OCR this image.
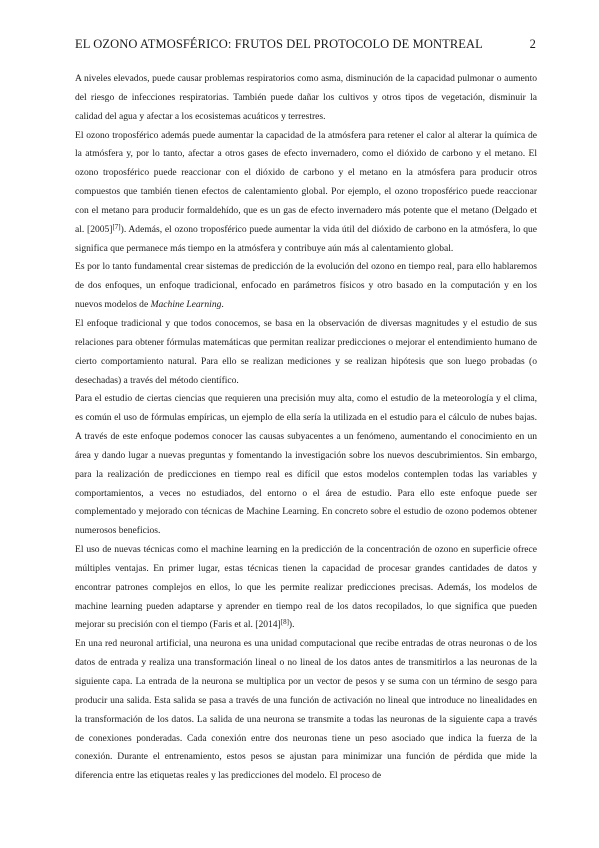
EL OZONO ATMOSFÉRICO: FRUTOS DEL PROTOCOLO DE MONTREAL	2

A niveles elevados, puede causar problemas respiratorios como asma, disminución de la capacidad pulmonar o aumento del riesgo de infecciones respiratorias. También puede dañar los cultivos y otros tipos de vegetación, disminuir la calidad del agua y afectar a los ecosistemas acuáticos y terrestres.

El ozono troposférico además puede aumentar la capacidad de la atmósfera para retener el calor al alterar la química de la atmósfera y, por lo tanto, afectar a otros gases de efecto invernadero, como el dióxido de carbono y el metano. El ozono troposférico puede reaccionar con el dióxido de carbono y el metano en la atmósfera para producir otros compuestos que también tienen efectos de calentamiento global. Por ejemplo, el ozono troposférico puede reaccionar con el metano para producir formaldehído, que es un gas de efecto invernadero más potente que el metano (Delgado et al. [2005][7]). Además, el ozono troposférico puede aumentar la vida útil del dióxido de carbono en la atmósfera, lo que significa que permanece más tiempo en la atmósfera y contribuye aún más al calentamiento global.

Es por lo tanto fundamental crear sistemas de predicción de la evolución del ozono en tiempo real, para ello hablaremos de dos enfoques, un enfoque tradicional, enfocado en parámetros físicos y otro basado en la computación y en los nuevos modelos de Machine Learning.

El enfoque tradicional y que todos conocemos, se basa en la observación de diversas magnitudes y el estudio de sus relaciones para obtener fórmulas matemáticas que permitan realizar predicciones o mejorar el entendimiento humano de cierto comportamiento natural. Para ello se realizan mediciones y se realizan hipótesis que son luego probadas (o desechadas) a través del método científico.

Para el estudio de ciertas ciencias que requieren una precisión muy alta, como el estudio de la meteorología y el clima, es común el uso de fórmulas empíricas, un ejemplo de ella sería la utilizada en el estudio para el cálculo de nubes bajas. A través de este enfoque podemos conocer las causas subyacentes a un fenómeno, aumentando el conocimiento en un área y dando lugar a nuevas preguntas y fomentando la investigación sobre los nuevos descubrimientos. Sin embargo, para la realización de predicciones en tiempo real es difícil que estos modelos contemplen todas las variables y comportamientos, a veces no estudiados, del entorno o el área de estudio. Para ello este enfoque puede ser complementado y mejorado con técnicas de Machine Learning. En concreto sobre el estudio de ozono podemos obtener numerosos beneficios.

El uso de nuevas técnicas como el machine learning en la predicción de la concentración de ozono en superficie ofrece múltiples ventajas. En primer lugar, estas técnicas tienen la capacidad de procesar grandes cantidades de datos y encontrar patrones complejos en ellos, lo que les permite realizar predicciones precisas. Además, los modelos de machine learning pueden adaptarse y aprender en tiempo real de los datos recopilados, lo que significa que pueden mejorar su precisión con el tiempo (Faris et al. [2014][8]).

En una red neuronal artificial, una neurona es una unidad computacional que recibe entradas de otras neuronas o de los datos de entrada y realiza una transformación lineal o no lineal de los datos antes de transmitirlos a las neuronas de la siguiente capa. La entrada de la neurona se multiplica por un vector de pesos y se suma con un término de sesgo para producir una salida. Esta salida se pasa a través de una función de activación no lineal que introduce no linealidades en la transformación de los datos. La salida de una neurona se transmite a todas las neuronas de la siguiente capa a través de conexiones ponderadas. Cada conexión entre dos neuronas tiene un peso asociado que indica la fuerza de la conexión. Durante el entrenamiento, estos pesos se ajustan para minimizar una función de pérdida que mide la diferencia entre las etiquetas reales y las predicciones del modelo. El proceso de
